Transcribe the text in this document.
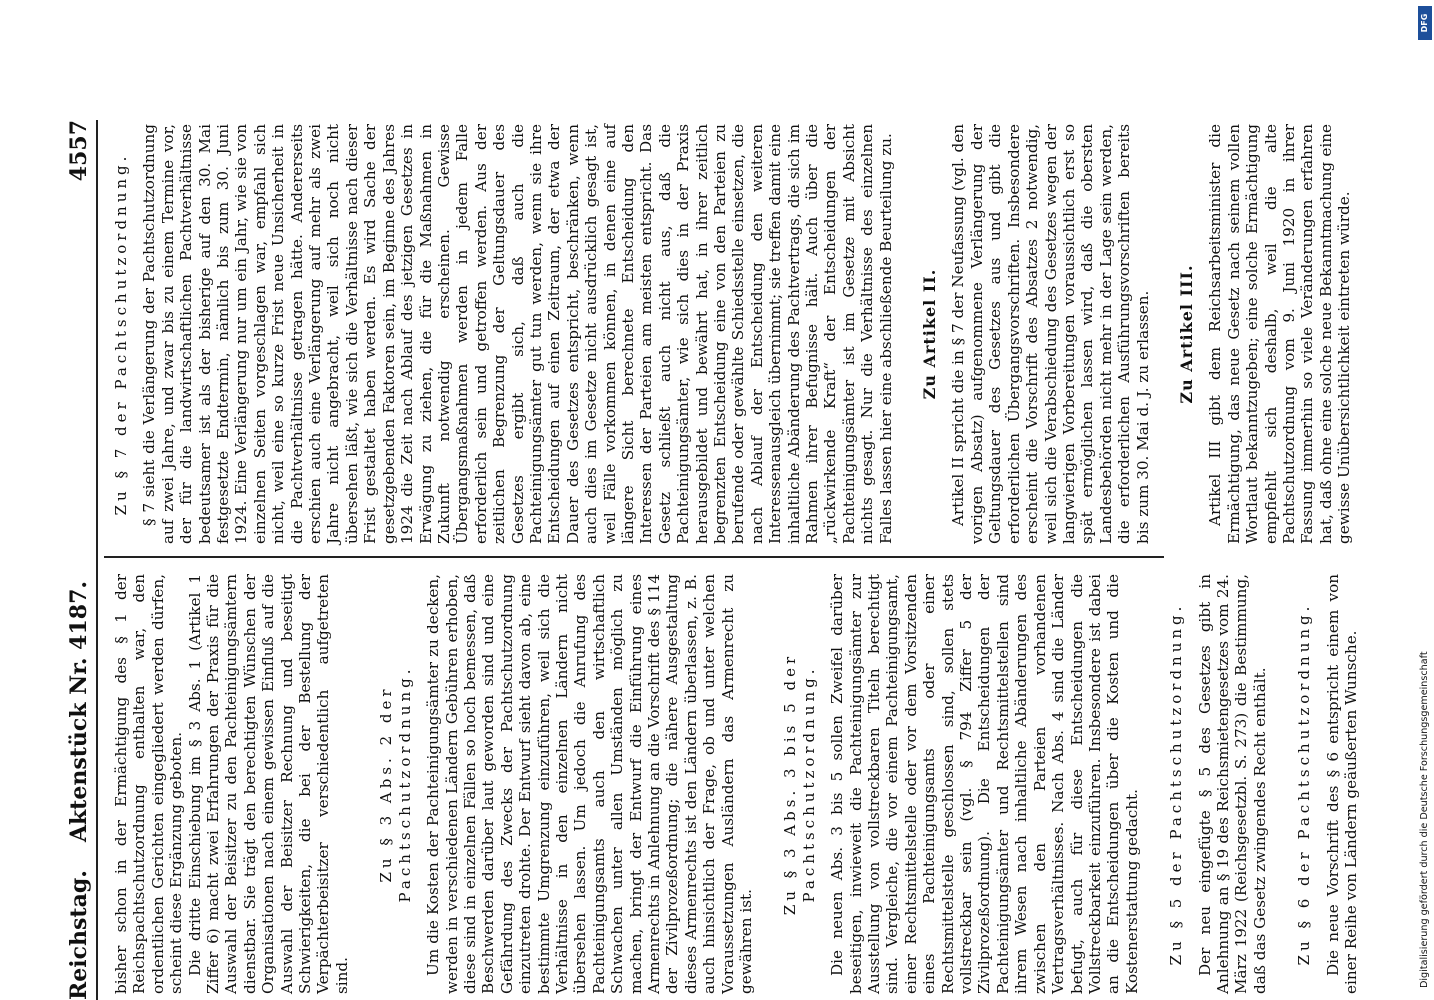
Reichstag.
Aktenstück Nr. 4187.
4557

bisher schon in der Ermächtigung des § 1 der Reichspachtschutzordnung enthalten war, den ordentlichen Gerichten eingegliedert werden dürfen, scheint diese Ergänzung geboten. Die dritte Einschiebung im § 3 Abs. 1 (Artikel 1 Ziffer 6) macht zwei Erfahrungen der Praxis für die Auswahl der Beisitzer zu den Pachteinigungsämtern dienstbar. Sie trägt den berechtigten Wünschen der Organisationen nach einem gewissen Einfluß auf die Auswahl der Beisitzer Rechnung und beseitigt Schwierigkeiten, die bei der Bestellung der Verpächterbeisitzer verschiedentlich aufgetreten sind.

Zu § 3 Abs. 2 der Pachtschutzordnung. Um die Kosten der Pachteinigungsämter zu decken, werden in verschiedenen Ländern Gebühren erhoben, diese sind in einzelnen Fällen so hoch bemessen, daß Beschwerden darüber laut geworden sind und eine Gefährdung des Zwecks der Pachtschutzordnung einzutreten drohte. Der Entwurf sieht davon ab, eine bestimmte Umgrenzung einzuführen, weil sich die Verhältnisse in den einzelnen Ländern nicht übersehen lassen. Um jedoch die Anrufung des Pachteinigungsamts auch den wirtschaftlich Schwachen unter allen Umständen möglich zu machen, bringt der Entwurf die Einführung eines Armenrechts in Anlehnung an die Vorschrift des § 114 der Zivilprozeßordnung; die nähere Ausgestaltung dieses Armenrechts ist den Ländern überlassen, z. B. auch hinsichtlich der Frage, ob und unter welchen Voraussetzungen Ausländern das Armenrecht zu gewähren ist.

Zu § 3 Abs. 3 bis 5 der Pachtschutzordnung. Die neuen Abs. 3 bis 5 sollen Zweifel darüber beseitigen, inwieweit die Pachteinigungsämter zur Ausstellung von vollstreckbaren Titeln berechtigt sind. Vergleiche, die vor einem Pachteinigungsamt, einer Rechtsmittelstelle oder vor dem Vorsitzenden eines Pachteinigungsamts oder einer Rechtsmittelstelle geschlossen sind, sollen stets vollstreckbar sein (vgl. § 794 Ziffer 5 der Zivilprozeßordnung). Die Entscheidungen der Pachteinigungsämter und Rechtsmittelstellen sind ihrem Wesen nach inhaltliche Abänderungen des zwischen den Parteien vorhandenen Vertragsverhältnisses. Nach Abs. 4 sind die Länder befugt, auch für diese Entscheidungen die Vollstreckbarkeit einzuführen. Insbesondere ist dabei an die Entscheidungen über die Kosten und die Kostenerstattung gedacht. Zu § 5 der Pachtschutzordnung. Der neu eingefügte § 5 des Gesetzes gibt in Anlehnung an § 19 des Reichsmietengesetzes vom 24. März 1922 (Reichsgesetzbl. S. 273) die Bestimmung, daß das Gesetz zwingendes Recht enthält. Zu § 6 der Pachtschutzordnung. Die neue Vorschrift des § 6 entspricht einem von einer Reihe von Ländern geäußerten Wunsche.

Zu § 7 der Pachtschutzordnung. § 7 sieht die Verlängerung der Pachtschutzordnung auf zwei Jahre, und zwar bis zu einem Termine vor, der für die landwirtschaftlichen Pachtverhältnisse bedeutsamer ist als der bisherige auf den 30. Mai festgesetzte Endtermin, nämlich bis zum 30. Juni 1924. Eine Verlängerung nur um ein Jahr, wie sie von einzelnen Seiten vorgeschlagen war, empfahl sich nicht, weil eine so kurze Frist neue Unsicherheit in die Pachtverhältnisse getragen hätte. Andererseits erschien auch eine Verlängerung auf mehr als zwei Jahre nicht angebracht, weil sich noch nicht übersehen läßt, wie sich die Verhältnisse nach dieser Frist gestaltet haben werden. Es wird Sache der gesetzgebenden Faktoren sein, im Beginne des Jahres 1924 die Zeit nach Ablauf des jetzigen Gesetzes in Erwägung zu ziehen, die für die Maßnahmen in Zukunft notwendig erscheinen. Gewisse Übergangsmaßnahmen werden in jedem Falle erforderlich sein und getroffen werden. Aus der zeitlichen Begrenzung der Geltungsdauer des Gesetzes ergibt sich, daß auch die Pachteinigungsämter gut tun werden, wenn sie ihre Entscheidungen auf einen Zeitraum, der etwa der Dauer des Gesetzes entspricht, beschränken, wenn auch dies im Gesetze nicht ausdrücklich gesagt ist, weil Fälle vorkommen können, in denen eine auf längere Sicht berechnete Entscheidung den Interessen der Parteien am meisten entspricht. Das Gesetz schließt auch nicht aus, daß die Pachteinigungsämter, wie sich dies in der Praxis herausgebildet und bewährt hat, in ihrer zeitlich begrenzten Entscheidung eine von den Parteien zu berufende oder gewählte Schiedsstelle einsetzen, die nach Ablauf der Entscheidung den weiteren Interessenausgleich übernimmt; sie treffen damit eine inhaltliche Abänderung des Pachtvertrags, die sich im Rahmen ihrer Befugnisse hält. Auch über die „rückwirkende Kraft“ der Entscheidungen der Pachteinigungsämter ist im Gesetze mit Absicht nichts gesagt. Nur die Verhältnisse des einzelnen Falles lassen hier eine abschließende Beurteilung zu. Zu Artikel II. Artikel II spricht die in § 7 der Neufassung (vgl. den vorigen Absatz) aufgenommene Verlängerung der Geltungsdauer des Gesetzes aus und gibt die erforderlichen Übergangsvorschriften. Insbesondere erscheint die Vorschrift des Absatzes 2 notwendig, weil sich die Verabschiedung des Gesetzes wegen der langwierigen Vorbereitungen voraussichtlich erst so spät ermöglichen lassen wird, daß die obersten Landesbehörden nicht mehr in der Lage sein werden, die erforderlichen Ausführungsvorschriften bereits bis zum 30. Mai d. J. zu erlassen. Zu Artikel III. Artikel III gibt dem Reichsarbeitsminister die Ermächtigung, das neue Gesetz nach seinem vollen Wortlaut bekanntzugeben; eine solche Ermächtigung empfiehlt sich deshalb, weil die alte Pachtschutzordnung vom 9. Juni 1920 in ihrer Fassung immerhin so viele Veränderungen erfahren hat, daß ohne eine solche neue Bekanntmachung eine gewisse Unübersichtlichkeit eintreten würde.

DFG
Digitalisierung gefördert durch die Deutsche Forschungsgemeinschaft
